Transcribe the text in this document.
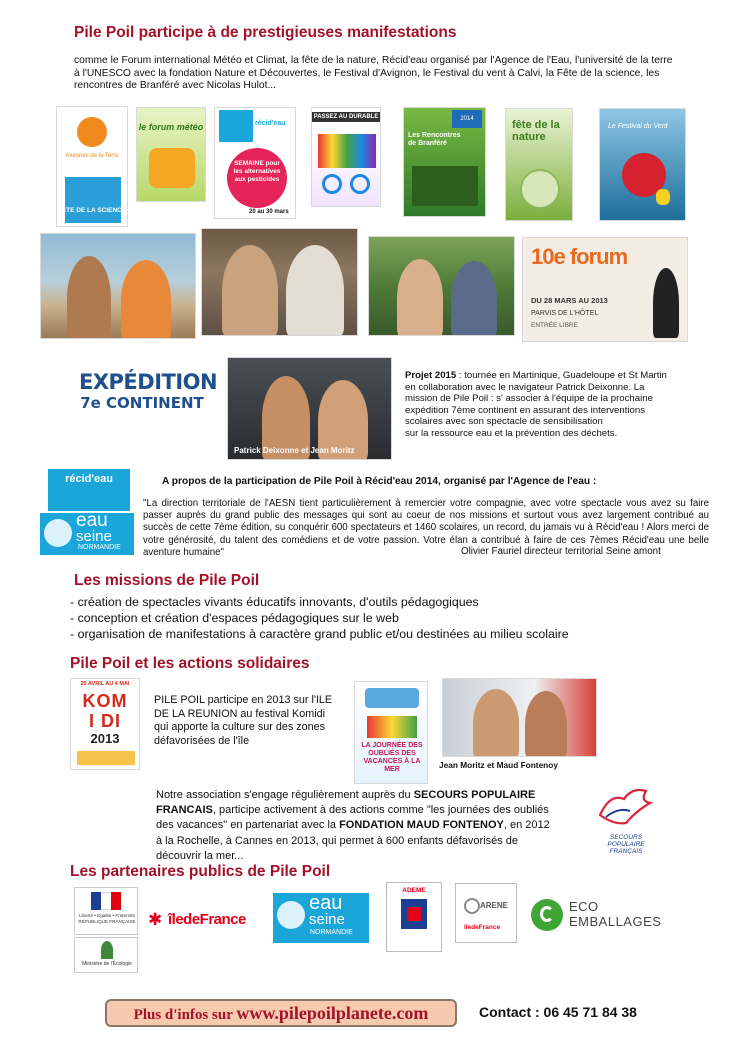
Pile Poil participe à de prestigieuses manifestations
comme le Forum international Météo et Climat, la fête de la nature, Récid'eau organisé par l'Agence de l'Eau, l'université de la terre à l'UNESCO avec la fondation Nature et Découvertes, le Festival d'Avignon, le Festival du vent à Calvi, la Fête de la science, les rencontres de Branféré avec Nicolas Hulot...
Alumnes de la Terre
FÊTE DE LA SCIENCE
le forum météo	récid'eau
SEMAINE pour les alternatives aux pesticides
20 au 30 mars
PASSEZ AU DURABLE
Les Rencontres de Branféré
2014	fête de la nature
Le Festival du Vent
10e forum
DU 28 MARS AU 2013
PARVIS DE L'HÔTEL
ENTRÉE LIBRE
EXPÉDITION
7e CONTINENT
Patrick Deixonne et Jean Moritz
Projet 2015 : tournée en Martinique, Guadeloupe et St Martin
en collaboration avec le navigateur Patrick Deixonne. La
mission de Pile Poil : s' associer à l'équipe de la prochaine
expédition 7ème continent en assurant des interventions
scolaires avec son spectacle de sensibilisation
sur la ressource eau et la prévention des déchets.
récid'eau
eau
seine
NORMANDIE
A propos de la participation de Pile Poil à Récid'eau 2014, organisé par l'Agence de l'eau :
"La direction territoriale de l'AESN tient particulièrement à remercier votre compagnie, avec votre spectacle vous avez su faire passer auprès du grand public des messages qui sont au coeur de nos missions et surtout vous avez largement contribué au succès de cette 7ème édition, su conquérir 600 spectateurs et 1460 scolaires, un record, du jamais vu à Récid'eau ! Alors merci de votre générosité, du talent des comédiens et de votre passion. Votre élan a contribué à faire de ces 7èmes Récid'eau une belle aventure humaine"	Olivier Fauriel directeur territorial Seine amont
Les missions de Pile Poil
- création de spectacles vivants éducatifs innovants, d'outils pédagogiques
- conception et création d'espaces pédagogiques sur le web
- organisation de manifestations à caractère grand public et/ou destinées au milieu scolaire
Pile Poil et les actions solidaires
25 AVRIL AU 4 MAI
KOM
I DI
2013
PILE POIL participe en 2013 sur l'ILE DE LA REUNION au festival Komidi qui apporte la culture sur des zones défavorisées de l'île	LA JOURNÉE DES OUBLIÉS DES VACANCES À LA MER	Jean Moritz et Maud Fontenoy
Notre association s'engage régulièrement auprès du SECOURS POPULAIRE FRANCAIS, participe activement à des actions comme "les journées des oubliés des vacances" en partenariat avec la FONDATION MAUD FONTENOY, en 2012 à la Rochelle, à Cannes en 2013, qui permet à 600 enfants défavorisés de découvrir la mer...
SECOURS POPULAIRE FRANÇAIS
Les partenaires publics de Pile Poil
Liberté • Égalité • Fraternité RÉPUBLIQUE FRANÇAISE
Ministère de l'Écologie
✱ îledeFrance
eau
seine
NORMANDIE
ADEME
ARENE
îledeFrance
ECO
EMBALLAGES
Plus d'infos sur www.pilepoilplanete.com	Contact : 06 45 71 84 38
